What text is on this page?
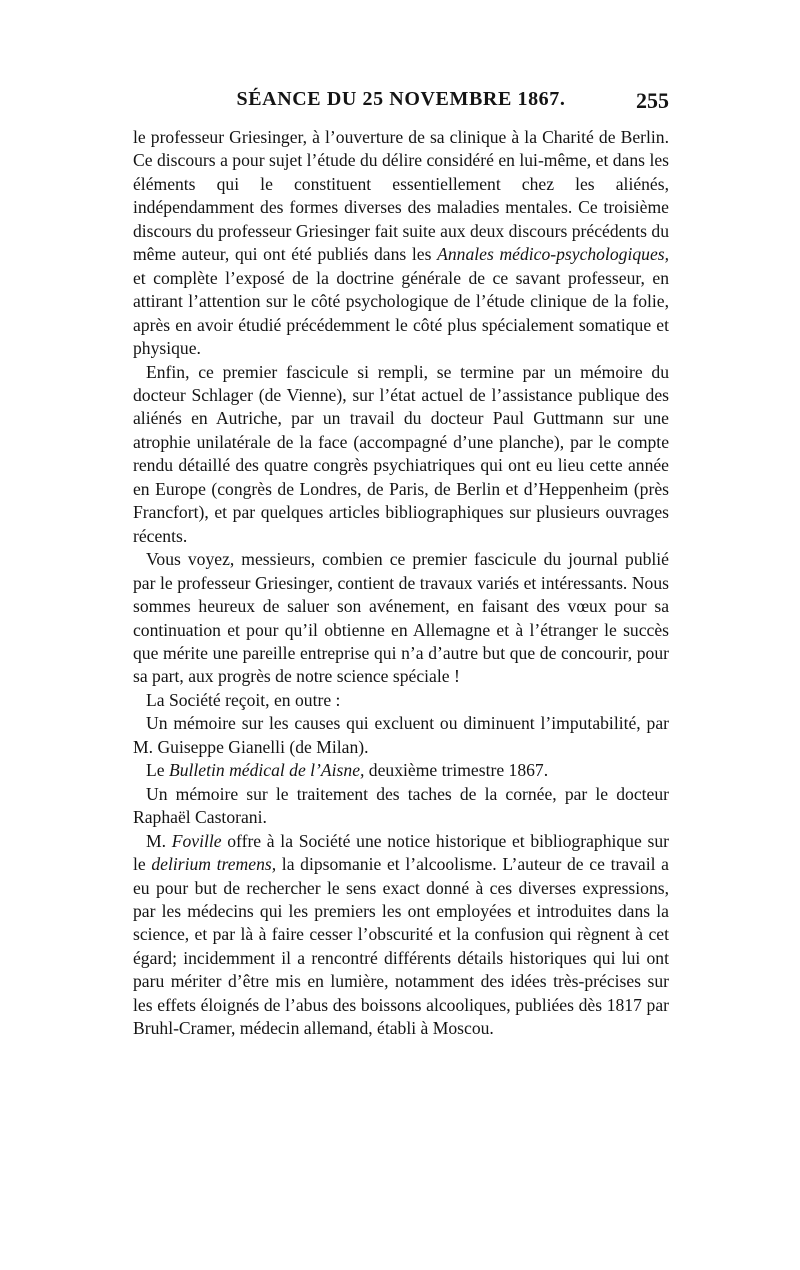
SÉANCE DU 25 NOVEMBRE 1867.	255

le professeur Griesinger, à l’ouverture de sa clinique à la Charité de Berlin. Ce discours a pour sujet l’étude du délire considéré en lui-même, et dans les éléments qui le constituent essentiellement chez les aliénés, indépendamment des formes diverses des maladies mentales. Ce troisième discours du professeur Griesinger fait suite aux deux discours précédents du même auteur, qui ont été publiés dans les Annales médico-psychologiques, et complète l’exposé de la doctrine générale de ce savant professeur, en attirant l’attention sur le côté psychologique de l’étude clinique de la folie, après en avoir étudié précédemment le côté plus spécialement somatique et physique.

Enfin, ce premier fascicule si rempli, se termine par un mémoire du docteur Schlager (de Vienne), sur l’état actuel de l’assistance publique des aliénés en Autriche, par un travail du docteur Paul Guttmann sur une atrophie unilatérale de la face (accompagné d’une planche), par le compte rendu détaillé des quatre congrès psychiatriques qui ont eu lieu cette année en Europe (congrès de Londres, de Paris, de Berlin et d’Heppenheim (près Francfort), et par quelques articles bibliographiques sur plusieurs ouvrages récents.

Vous voyez, messieurs, combien ce premier fascicule du journal publié par le professeur Griesinger, contient de travaux variés et intéressants. Nous sommes heureux de saluer son avénement, en faisant des vœux pour sa continuation et pour qu’il obtienne en Allemagne et à l’étranger le succès que mérite une pareille entreprise qui n’a d’autre but que de concourir, pour sa part, aux progrès de notre science spéciale !

La Société reçoit, en outre :

Un mémoire sur les causes qui excluent ou diminuent l’imputabilité, par M. Guiseppe Gianelli (de Milan).

Le Bulletin médical de l’Aisne, deuxième trimestre 1867.

Un mémoire sur le traitement des taches de la cornée, par le docteur Raphaël Castorani.

M. Foville offre à la Société une notice historique et bibliographique sur le delirium tremens, la dipsomanie et l’alcoolisme. L’auteur de ce travail a eu pour but de rechercher le sens exact donné à ces diverses expressions, par les médecins qui les premiers les ont employées et introduites dans la science, et par là à faire cesser l’obscurité et la confusion qui règnent à cet égard; incidemment il a rencontré différents détails historiques qui lui ont paru mériter d’être mis en lumière, notamment des idées très-précises sur les effets éloignés de l’abus des boissons alcooliques, publiées dès 1817 par Bruhl-Cramer, médecin allemand, établi à Moscou.
